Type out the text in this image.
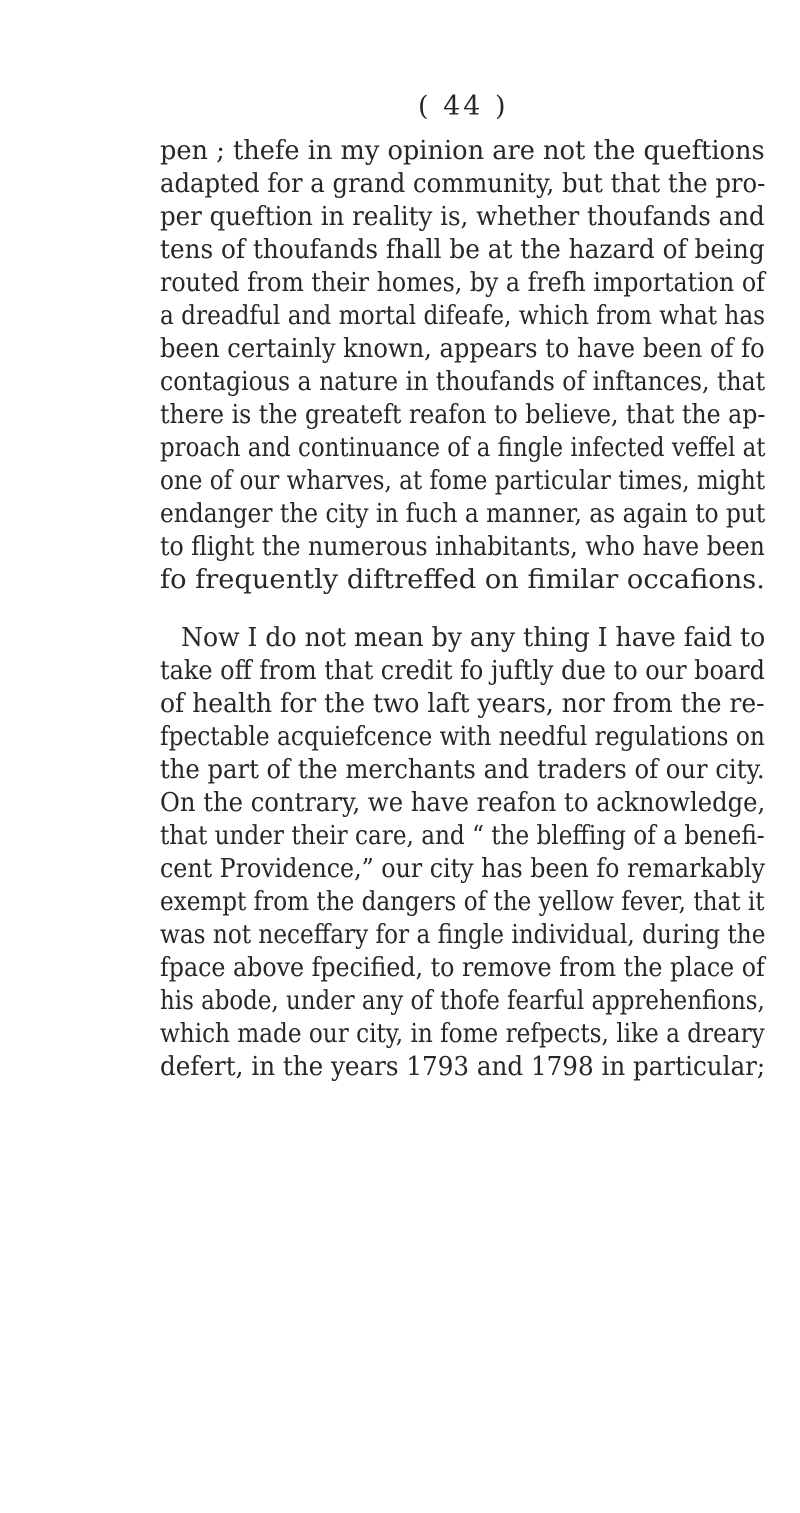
( 44 )
pen ; thefe in my opinion are not the queftions
adapted for a grand community, but that the pro-
per queftion in reality is, whether thoufands and
tens of thoufands fhall be at the hazard of being
routed from their homes, by a frefh importation of
a dreadful and mortal difeafe, which from what has
been certainly known, appears to have been of fo
contagious a nature in thoufands of inftances, that
there is the greateft reafon to believe, that the ap-
proach and continuance of a fingle infected veffel at
one of our wharves, at fome particular times, might
endanger the city in fuch a manner, as again to put
to flight the numerous inhabitants, who have been
fo frequently diftreffed on fimilar occafions.
Now I do not mean by any thing I have faid to
take off from that credit fo juftly due to our board
of health for the two laft years, nor from the re-
fpectable acquiefcence with needful regulations on
the part of the merchants and traders of our city.
On the contrary, we have reafon to acknowledge,
that under their care, and “ the bleffing of a benefi-
cent Providence,” our city has been fo remarkably
exempt from the dangers of the yellow fever, that it
was not neceffary for a fingle individual, during the
fpace above fpecified, to remove from the place of
his abode, under any of thofe fearful apprehenfions,
which made our city, in fome refpects, like a dreary
defert, in the years 1793 and 1798 in particular;
